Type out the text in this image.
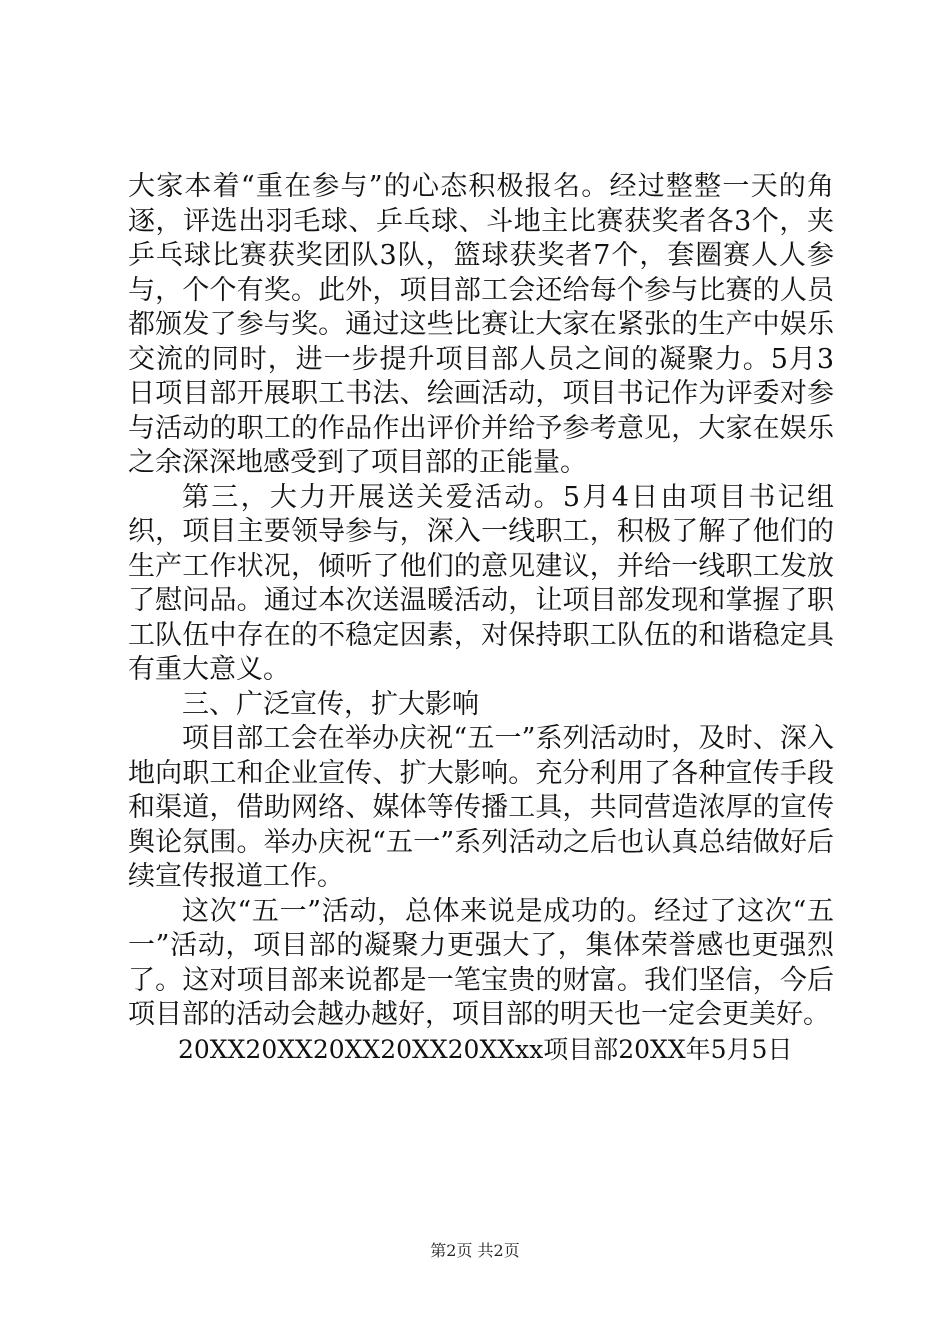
大家本着“重在参与”的心态积极报名。经过整整一天的角逐，评选出羽毛球、乒乓球、斗地主比赛获奖者各3个，夹乒乓球比赛获奖团队3队，篮球获奖者7个，套圈赛人人参与，个个有奖。此外，项目部工会还给每个参与比赛的人员都颁发了参与奖。通过这些比赛让大家在紧张的生产中娱乐交流的同时，进一步提升项目部人员之间的凝聚力。5月3日项目部开展职工书法、绘画活动，项目书记作为评委对参与活动的职工的作品作出评价并给予参考意见，大家在娱乐之余深深地感受到了项目部的正能量。

第三，大力开展送关爱活动。5月4日由项目书记组织，项目主要领导参与，深入一线职工，积极了解了他们的生产工作状况，倾听了他们的意见建议，并给一线职工发放了慰问品。通过本次送温暖活动，让项目部发现和掌握了职工队伍中存在的不稳定因素，对保持职工队伍的和谐稳定具有重大意义。

三、广泛宣传，扩大影响

项目部工会在举办庆祝“五一”系列活动时，及时、深入地向职工和企业宣传、扩大影响。充分利用了各种宣传手段和渠道，借助网络、媒体等传播工具，共同营造浓厚的宣传舆论氛围。举办庆祝“五一”系列活动之后也认真总结做好后续宣传报道工作。

这次“五一”活动，总体来说是成功的。经过了这次“五一”活动，项目部的凝聚力更强大了，集体荣誉感也更强烈了。这对项目部来说都是一笔宝贵的财富。我们坚信，今后项目部的活动会越办越好，项目部的明天也一定会更美好。

20XX20XX20XX20XX20XXxx项目部20XX年5月5日

第2页 共2页
